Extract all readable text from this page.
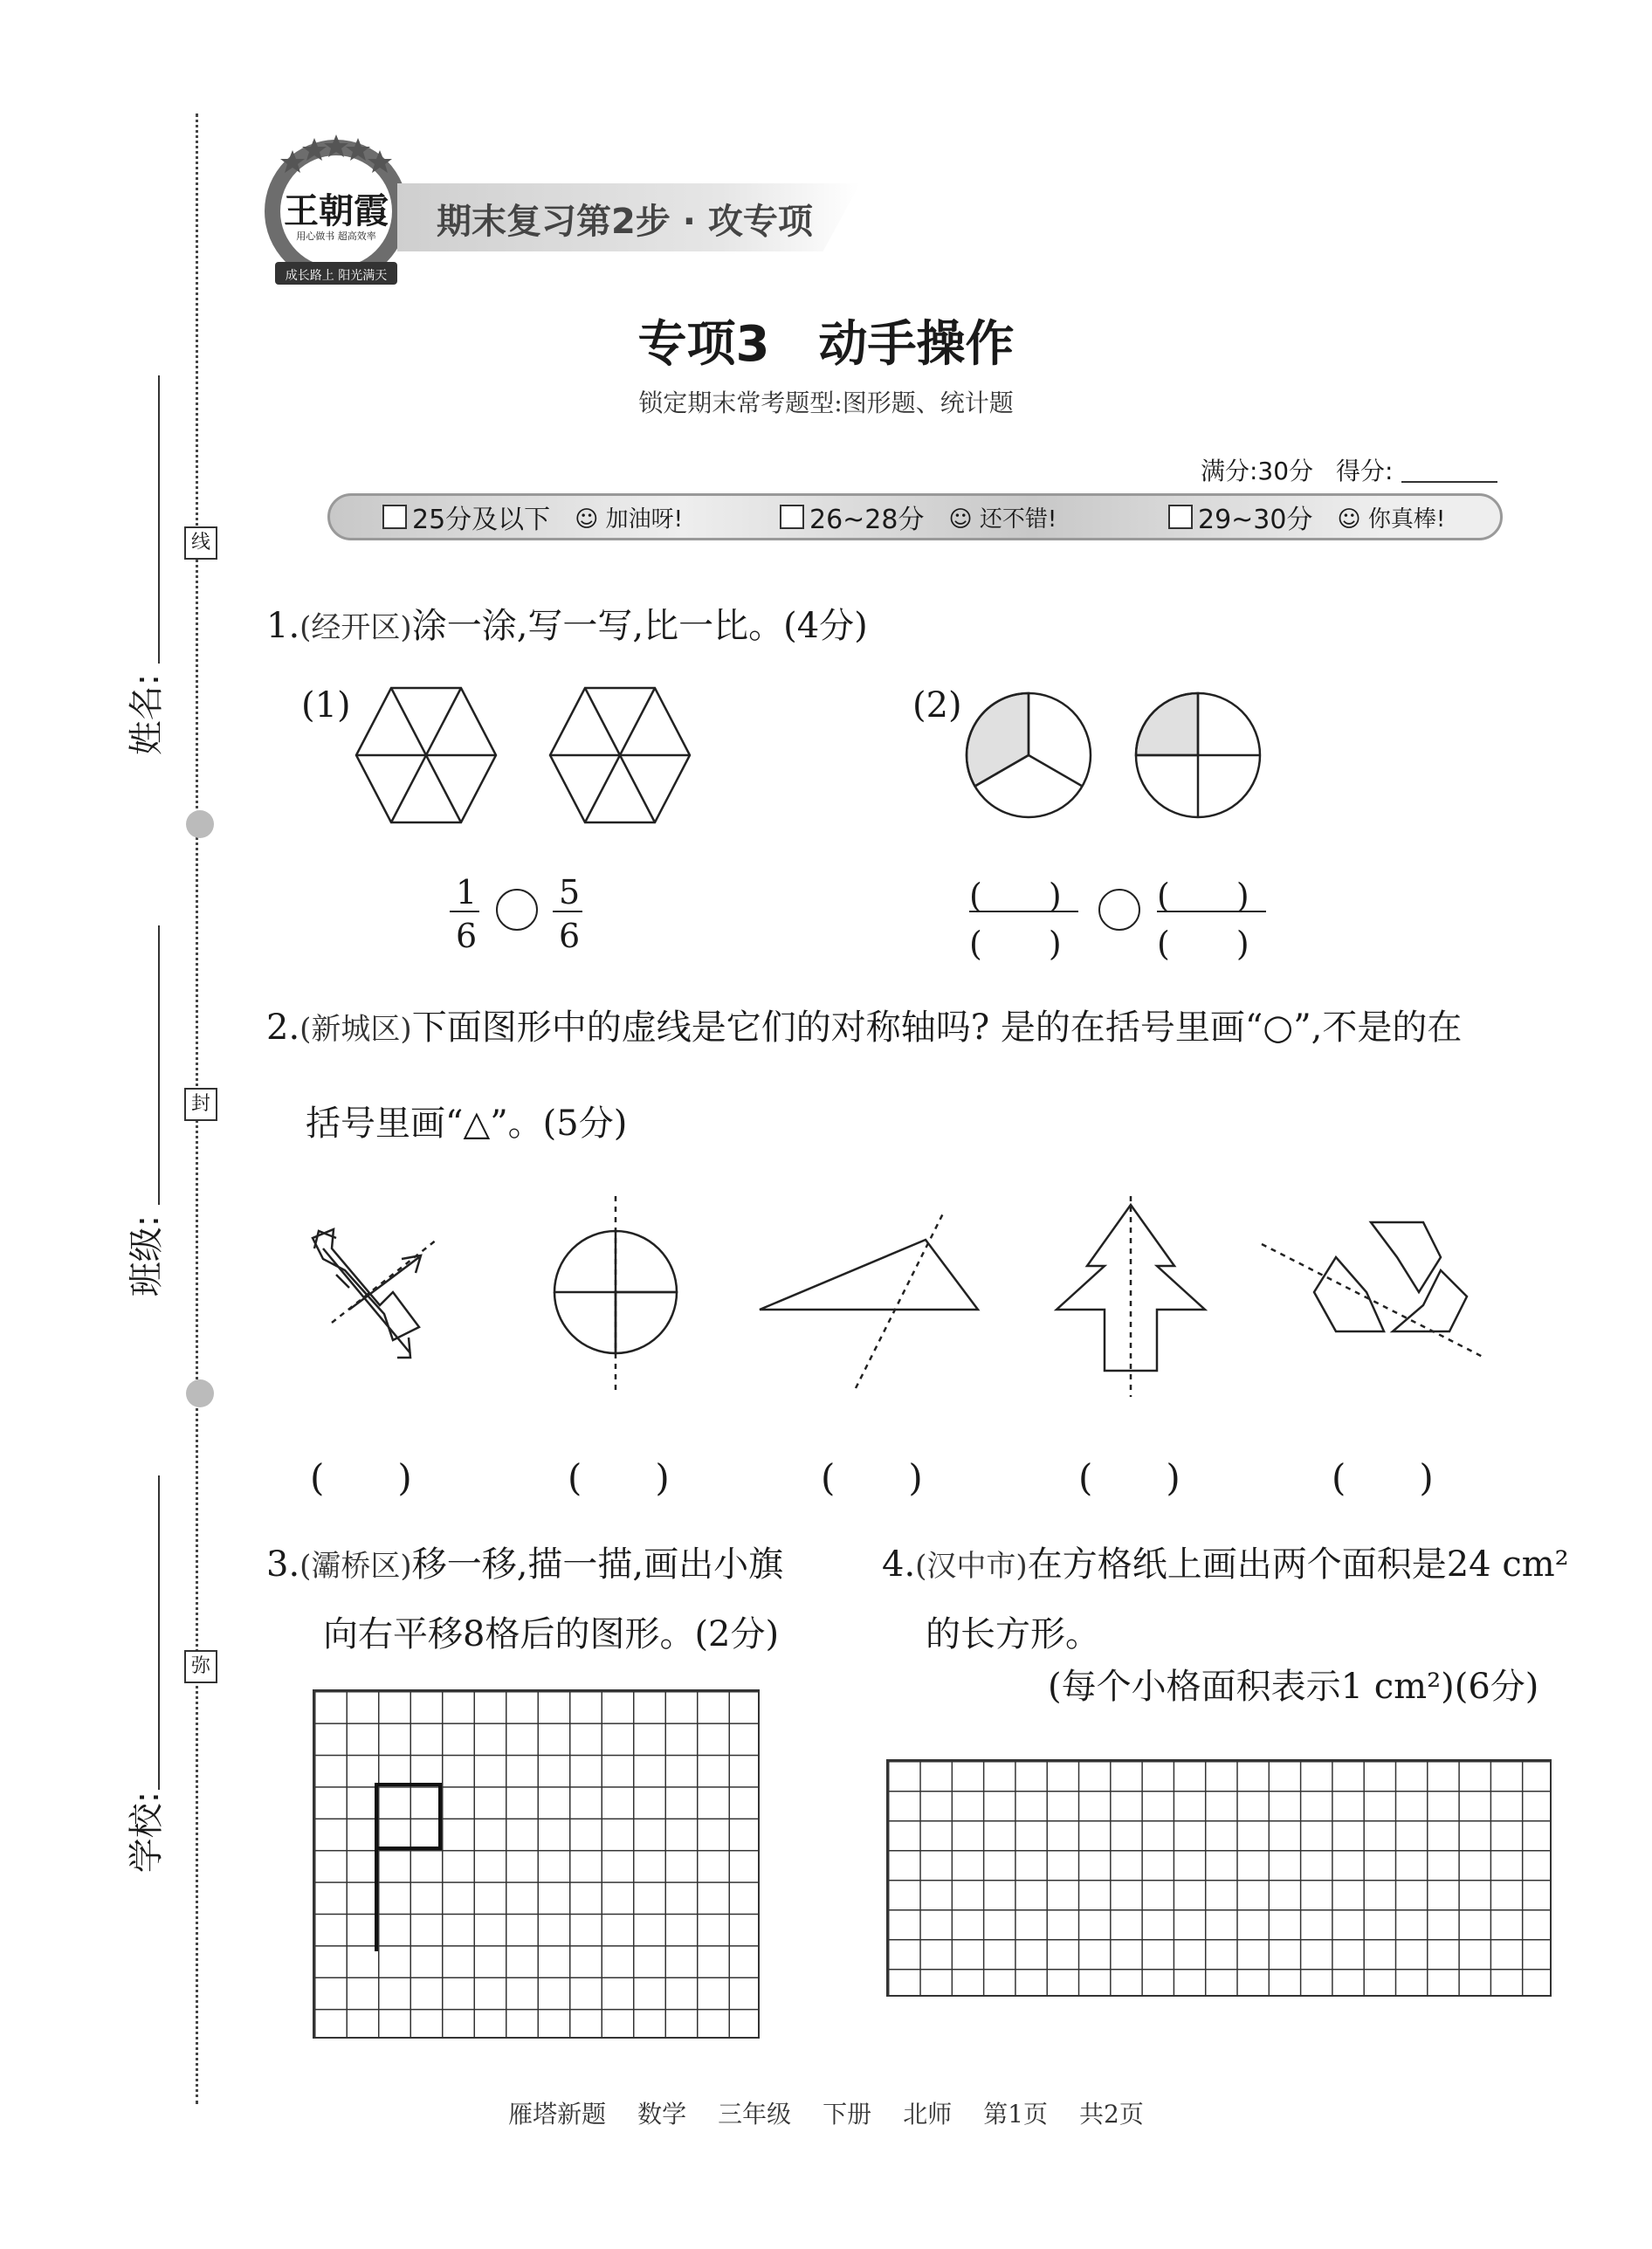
姓名:
线
班级:
封
学校:
弥
王朝霞
用心做书 超高效率
成长路上 阳光满天
期末复习第2步 · 攻专项
专项3　动手操作
锁定期末常考题型:图形题、统计题
满分:30分 得分:
25分及以下 ☺ 加油呀!	26~28分 ☺ 还不错!	29~30分 ☺ 你真棒!
1.(经开区)涂一涂,写一写,比一比。(4分)
(1)
1
6
5
6
(2)
(　　)
(　　)
(　　)
(　　)
2.(新城区)下面图形中的虚线是它们的对称轴吗? 是的在括号里画“○”,不是的在
括号里画“△”。(5分)
(　　)	(　　)	(　　)	(　　)	(　　)
3.(灞桥区)移一移,描一描,画出小旗
向右平移8格后的图形。(2分)
4.(汉中市)在方格纸上画出两个面积是24 cm²
的长方形。
(每个小格面积表示1 cm²)(6分)
雁塔新题 数学 三年级 下册 北师 第1页 共2页
